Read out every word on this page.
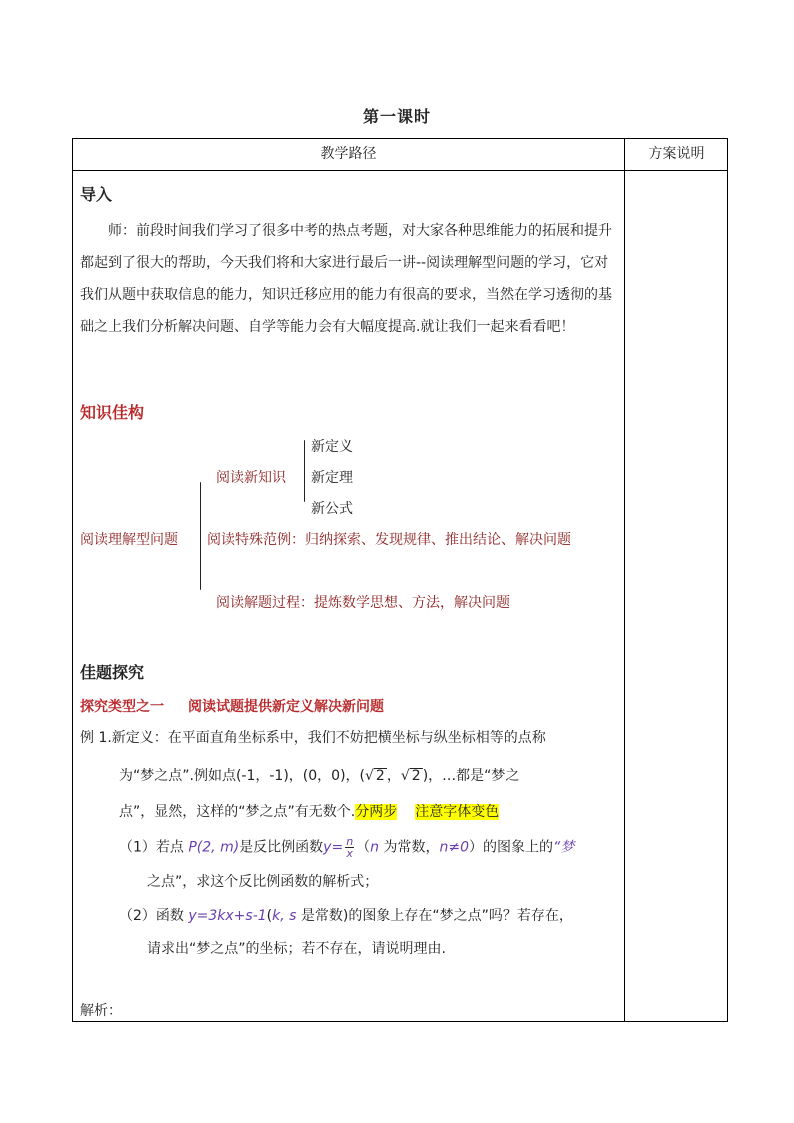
第一课时
教学路径	方案说明
导入
师：前段时间我们学习了很多中考的热点考题，对大家各种思维能力的拓展和提升都起到了很大的帮助，今天我们将和大家进行最后一讲--阅读理解型问题的学习，它对我们从题中获取信息的能力，知识迁移应用的能力有很高的要求，当然在学习透彻的基础之上我们分析解决问题、自学等能力会有大幅度提高.就让我们一起来看看吧！
知识佳构
新定义
新定理
新公式
阅读新知识
阅读理解型问题 阅读特殊范例：归纳探索、发现规律、推出结论、解决问题
阅读解题过程：提炼数学思想、方法，解决问题
佳题探究
探究类型之一 阅读试题提供新定义解决新问题
例 1.新定义：在平面直角坐标系中，我们不妨把横坐标与纵坐标相等的点称
为“梦之点”.例如点(-1，-1)，(0，0)，(√ 2 ，√ 2 )，…都是“梦之
点”，显然，这样的“梦之点”有无数个.分两步 注意字体变色
（1）若点 P(2, m)是反比例函数$y= \frac{n}{x} (n$ 为常数，n≠0）的图象上的“梦
之点”，求这个反比例函数的解析式；
（2）函数 y=3kx+s-1(k, s 是常数)的图象上存在“梦之点”吗？若存在，
请求出“梦之点”的坐标；若不存在，请说明理由.
解析：
